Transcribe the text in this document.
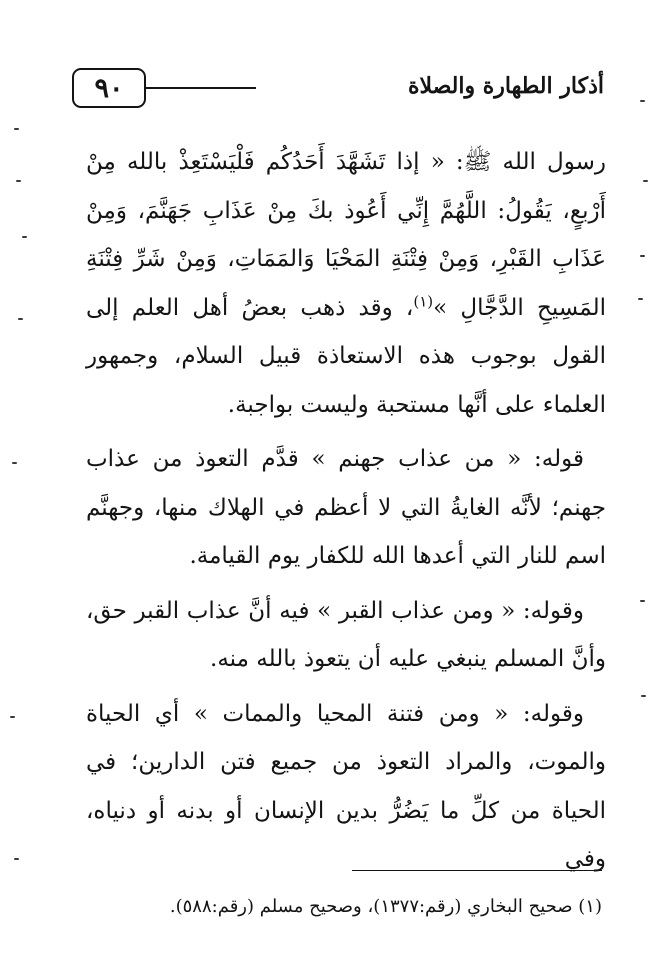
٩٠	أذكار الطهارة والصلاة

رسول الله ﷺ: « إذا تَشَهَّدَ أَحَدُكُم فَلْيَسْتَعِذْ بالله مِنْ أَرْبعٍ، يَقُولُ: اللَّهُمَّ إِنِّي أَعُوذ بكَ مِنْ عَذَابِ جَهَنَّمَ، وَمِنْ عَذَابِ القَبْرِ، وَمِنْ فِتْنَةِ المَحْيَا وَالمَمَاتِ، وَمِنْ شَرِّ فِتْنَةِ المَسِيحِ الدَّجَّالِ »$^{(١)}$، وقد ذهب بعضُ أهل العلم إلى القول بوجوب هذه الاستعاذة قبيل السلام، وجمهور العلماء على أنَّها مستحبة وليست بواجبة.

قوله: « من عذاب جهنم » قدَّم التعوذ من عذاب جهنم؛ لأنَّه الغايةُ التي لا أعظم في الهلاك منها، وجهنَّم اسم للنار التي أعدها الله للكفار يوم القيامة.

وقوله: « ومن عذاب القبر » فيه أنَّ عذاب القبر حق، وأنَّ المسلم ينبغي عليه أن يتعوذ بالله منه.

وقوله: « ومن فتنة المحيا والممات » أي الحياة والموت، والمراد التعوذ من جميع فتن الدارين؛ في الحياة من كلِّ ما يَضُرُّ بدين الإنسان أو بدنه أو دنياه، وفي

(١) صحيح البخاري (رقم:١٣٧٧)، وصحيح مسلم (رقم:٥٨٨).
